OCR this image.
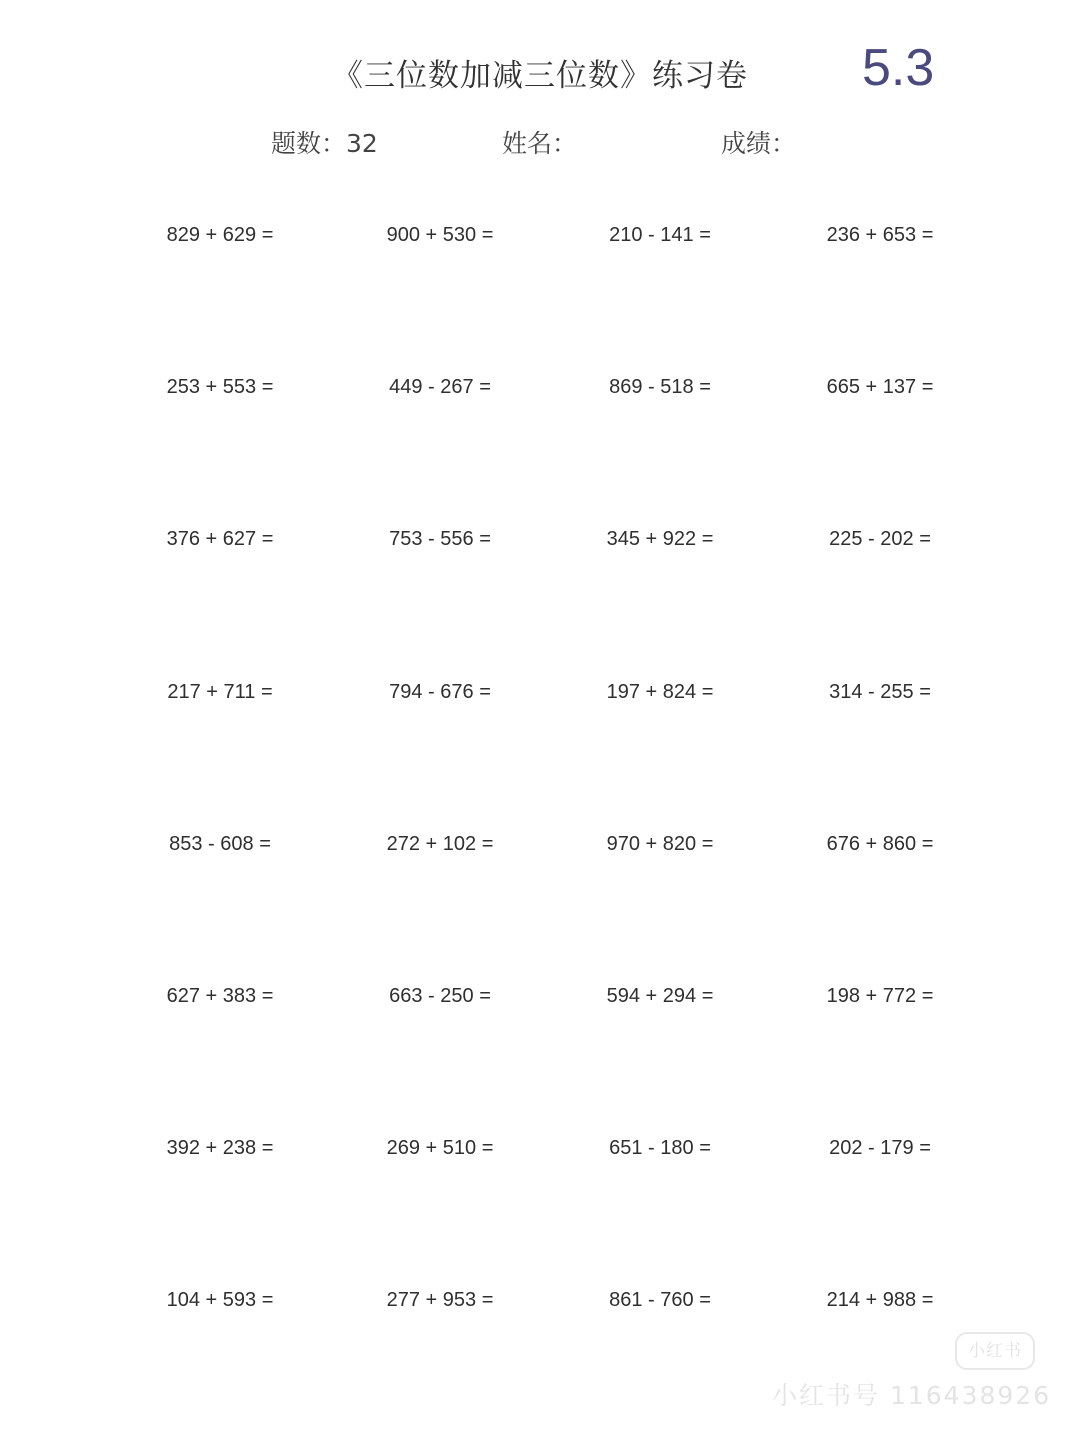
《三位数加减三位数》练习卷	5.3
题数：32	姓名：	成绩：
829 + 629 =	900 + 530 =	210 - 141 =	236 + 653 =
253 + 553 =	449 - 267 =	869 - 518 =	665 + 137 =
376 + 627 =	753 - 556 =	345 + 922 =	225 - 202 =
217 + 711 =	794 - 676 =	197 + 824 =	314 - 255 =
853 - 608 =	272 + 102 =	970 + 820 =	676 + 860 =
627 + 383 =	663 - 250 =	594 + 294 =	198 + 772 =
392 + 238 =	269 + 510 =	651 - 180 =	202 - 179 =
104 + 593 =	277 + 953 =	861 - 760 =	214 + 988 =
小红书
小红书号 116438926
